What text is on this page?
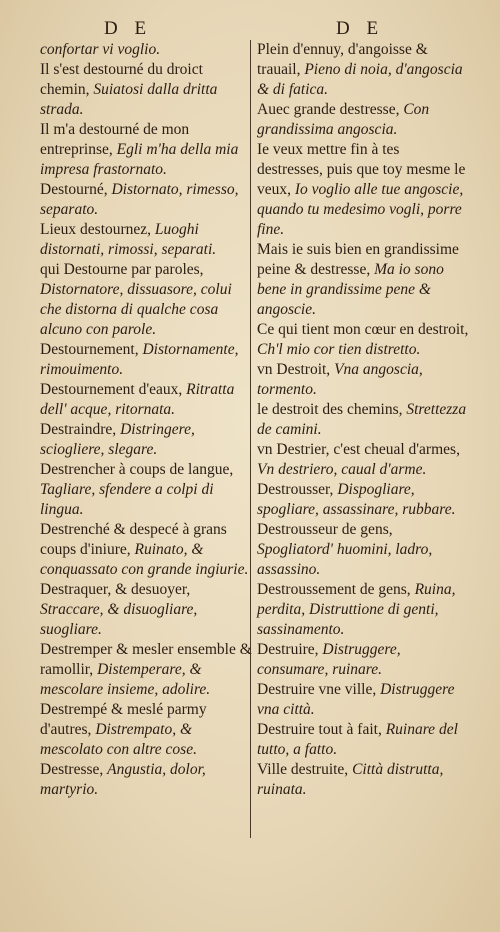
D E	D E

confortar vi voglio.

Il s'est destourné du droict chemin, Suiatosi dalla dritta strada.

Il m'a destourné de mon entreprinse, Egli m'ha della mia impresa frastornato.

Destourné, Distornato, rimesso, separato.

Lieux destournez, Luoghi distornati, rimossi, separati.

qui Destourne par paroles, Distornatore, dissuasore, colui che distorna di qualche cosa alcuno con parole.

Destournement, Distornamente, rimouimento.

Destournement d'eaux, Ritratta dell' acque, ritornata.

Destraindre, Distringere, sciogliere, slegare.

Destrencher à coups de langue, Tagliare, sfendere a colpi di lingua.

Destrenché & despecé à grans coups d'iniure, Ruinato, & conquassato con grande ingiurie.

Destraquer, & desuoyer, Straccare, & disuogliare, suogliare.

Destremper & mesler ensemble & ramollir, Distemperare, & mescolare insieme, adolire.

Destrempé & meslé parmy d'autres, Distrempato, & mescolato con altre cose.

Destresse, Angustia, dolor, martyrio.

Plein d'ennuy, d'angoisse & trauail, Pieno di noia, d'angoscia & di fatica.

Auec grande destresse, Con grandissima angoscia.

Ie veux mettre fin à tes destresses, puis que toy mesme le veux, Io voglio alle tue angoscie, quando tu medesimo vogli, porre fine.

Mais ie suis bien en grandissime peine & destresse, Ma io sono bene in grandissime pene & angoscie.

Ce qui tient mon cœur en destroit, Ch'l mio cor tien distretto.

vn Destroit, Vna angoscia, tormento.

le destroit des chemins, Strettezza de camini.

vn Destrier, c'est cheual d'armes, Vn destriero, caual d'arme.

Destrousser, Dispogliare, spogliare, assassinare, rubbare.

Destrousseur de gens, Spogliatord' huomini, ladro, assassino.

Destroussement de gens, Ruina, perdita, Distruttione di genti, sassinamento.

Destruire, Distruggere, consumare, ruinare.

Destruire vne ville, Distruggere vna città.

Destruire tout à fait, Ruinare del tutto, a fatto.

Ville destruite, Città distrutta, ruinata.
